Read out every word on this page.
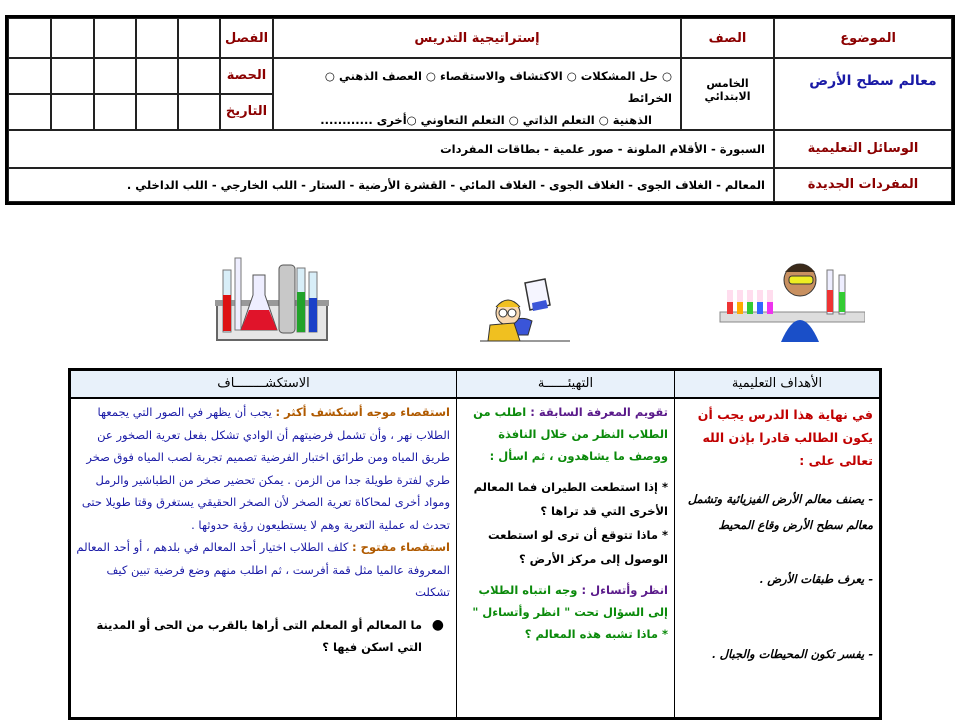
الموضوع
الصف
إستراتيجية التدريس
الفصل
معالم سطح الأرض
الخامس الابتدائي
○ حل المشكلات ○ الاكتشاف والاستقصاء ○ العصف الذهني ○ الخرائط
الذهنية ○ التعلم الذاتي ○ التعلم التعاوني ○أخرى ............
الحصة
التاريخ
الوسائل التعليمية
السبورة - الأقلام الملونة - صور علمية - بطاقات المفردات
المفردات الجديدة
المعالم - الغلاف الجوى - الغلاف الجوى - الغلاف المائي - القشرة الأرضية - الستار - اللب الخارجي - اللب الداخلي .
الأهداف التعليمية
في نهاية هذا الدرس يجب أن يكون الطالب قادرا بإذن الله تعالى على :
- يصنف معالم الأرض الفيزيائية وتشمل معالم سطح الأرض وقاع المحيط
- يعرف طبقات الأرض .
- يفسر تكون المحيطات والجبال .
التهيئــــــة
تقويم المعرفة السابقة : اطلب من الطلاب النظر من خلال النافذة ووصف ما يشاهدون ، ثم اسأل :
* إذا استطعت الطيران فما المعالم الأخرى التي قد تراها ؟
* ماذا تتوقع أن ترى لو استطعت الوصول إلى مركز الأرض ؟
انظر وأتساءل : وجه انتباه الطلاب إلى السؤال تحت " انظر وأتساءل "
* ماذا تشبه هذه المعالم ؟
الاستكشــــــــاف
استقصاء موجه أستكشف أكثر : يجب أن يظهر في الصور التي يجمعها الطلاب نهر ، وأن تشمل فرضيتهم أن الوادي تشكل بفعل تعرية الصخور عن طريق المياه ومن طرائق اختبار الفرضية تصميم تجربة لصب المياه فوق صخر طري لفترة طويلة جدا من الزمن . يمكن تحضير صخر من الطباشير والرمل ومواد أخرى لمحاكاة تعرية الصخر لأن الصخر الحقيقي يستغرق وقتا طويلا حتى تحدث له عملية التعرية وهم لا يستطيعون رؤية حدوثها .
استقصاء مفتوح : كلف الطلاب اختيار أحد المعالم في بلدهم ، أو أحد المعالم المعروفة عالميا مثل قمة أفرست ، ثم اطلب منهم وضع فرضية تبين كيف تشكلت
●
ما المعالم أو المعلم التى أراها بالقرب من الحى أو المدينة التي اسكن فيها ؟
